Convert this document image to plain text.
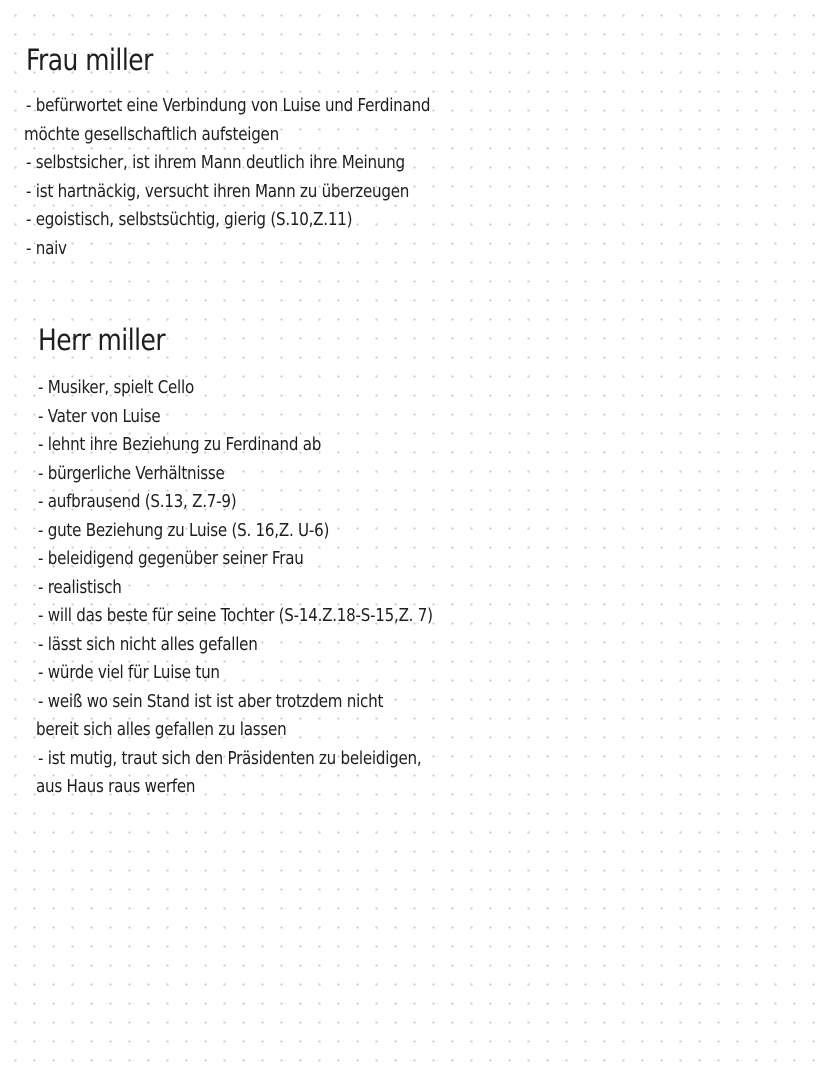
Frau miller
- befürwortet eine Verbindung von Luise und Ferdinand
möchte gesellschaftlich aufsteigen
- selbstsicher, ist ihrem Mann deutlich ihre Meinung
- ist hartnäckig, versucht ihren Mann zu überzeugen
- egoistisch, selbstsüchtig, gierig (S.10,Z.11)
- naiv
Herr miller
- Musiker, spielt Cello
- Vater von Luise
- lehnt ihre Beziehung zu Ferdinand ab
- bürgerliche Verhältnisse
- aufbrausend (S.13, Z.7-9)
- gute Beziehung zu Luise (S. 16,Z. U-6)
- beleidigend gegenüber seiner Frau
- realistisch
- will das beste für seine Tochter (S-14.Z.18-S-15,Z. 7)
- lässt sich nicht alles gefallen
- würde viel für Luise tun
- weiß wo sein Stand ist ist aber trotzdem nicht
bereit sich alles gefallen zu lassen
- ist mutig, traut sich den Präsidenten zu beleidigen,
aus Haus raus werfen
